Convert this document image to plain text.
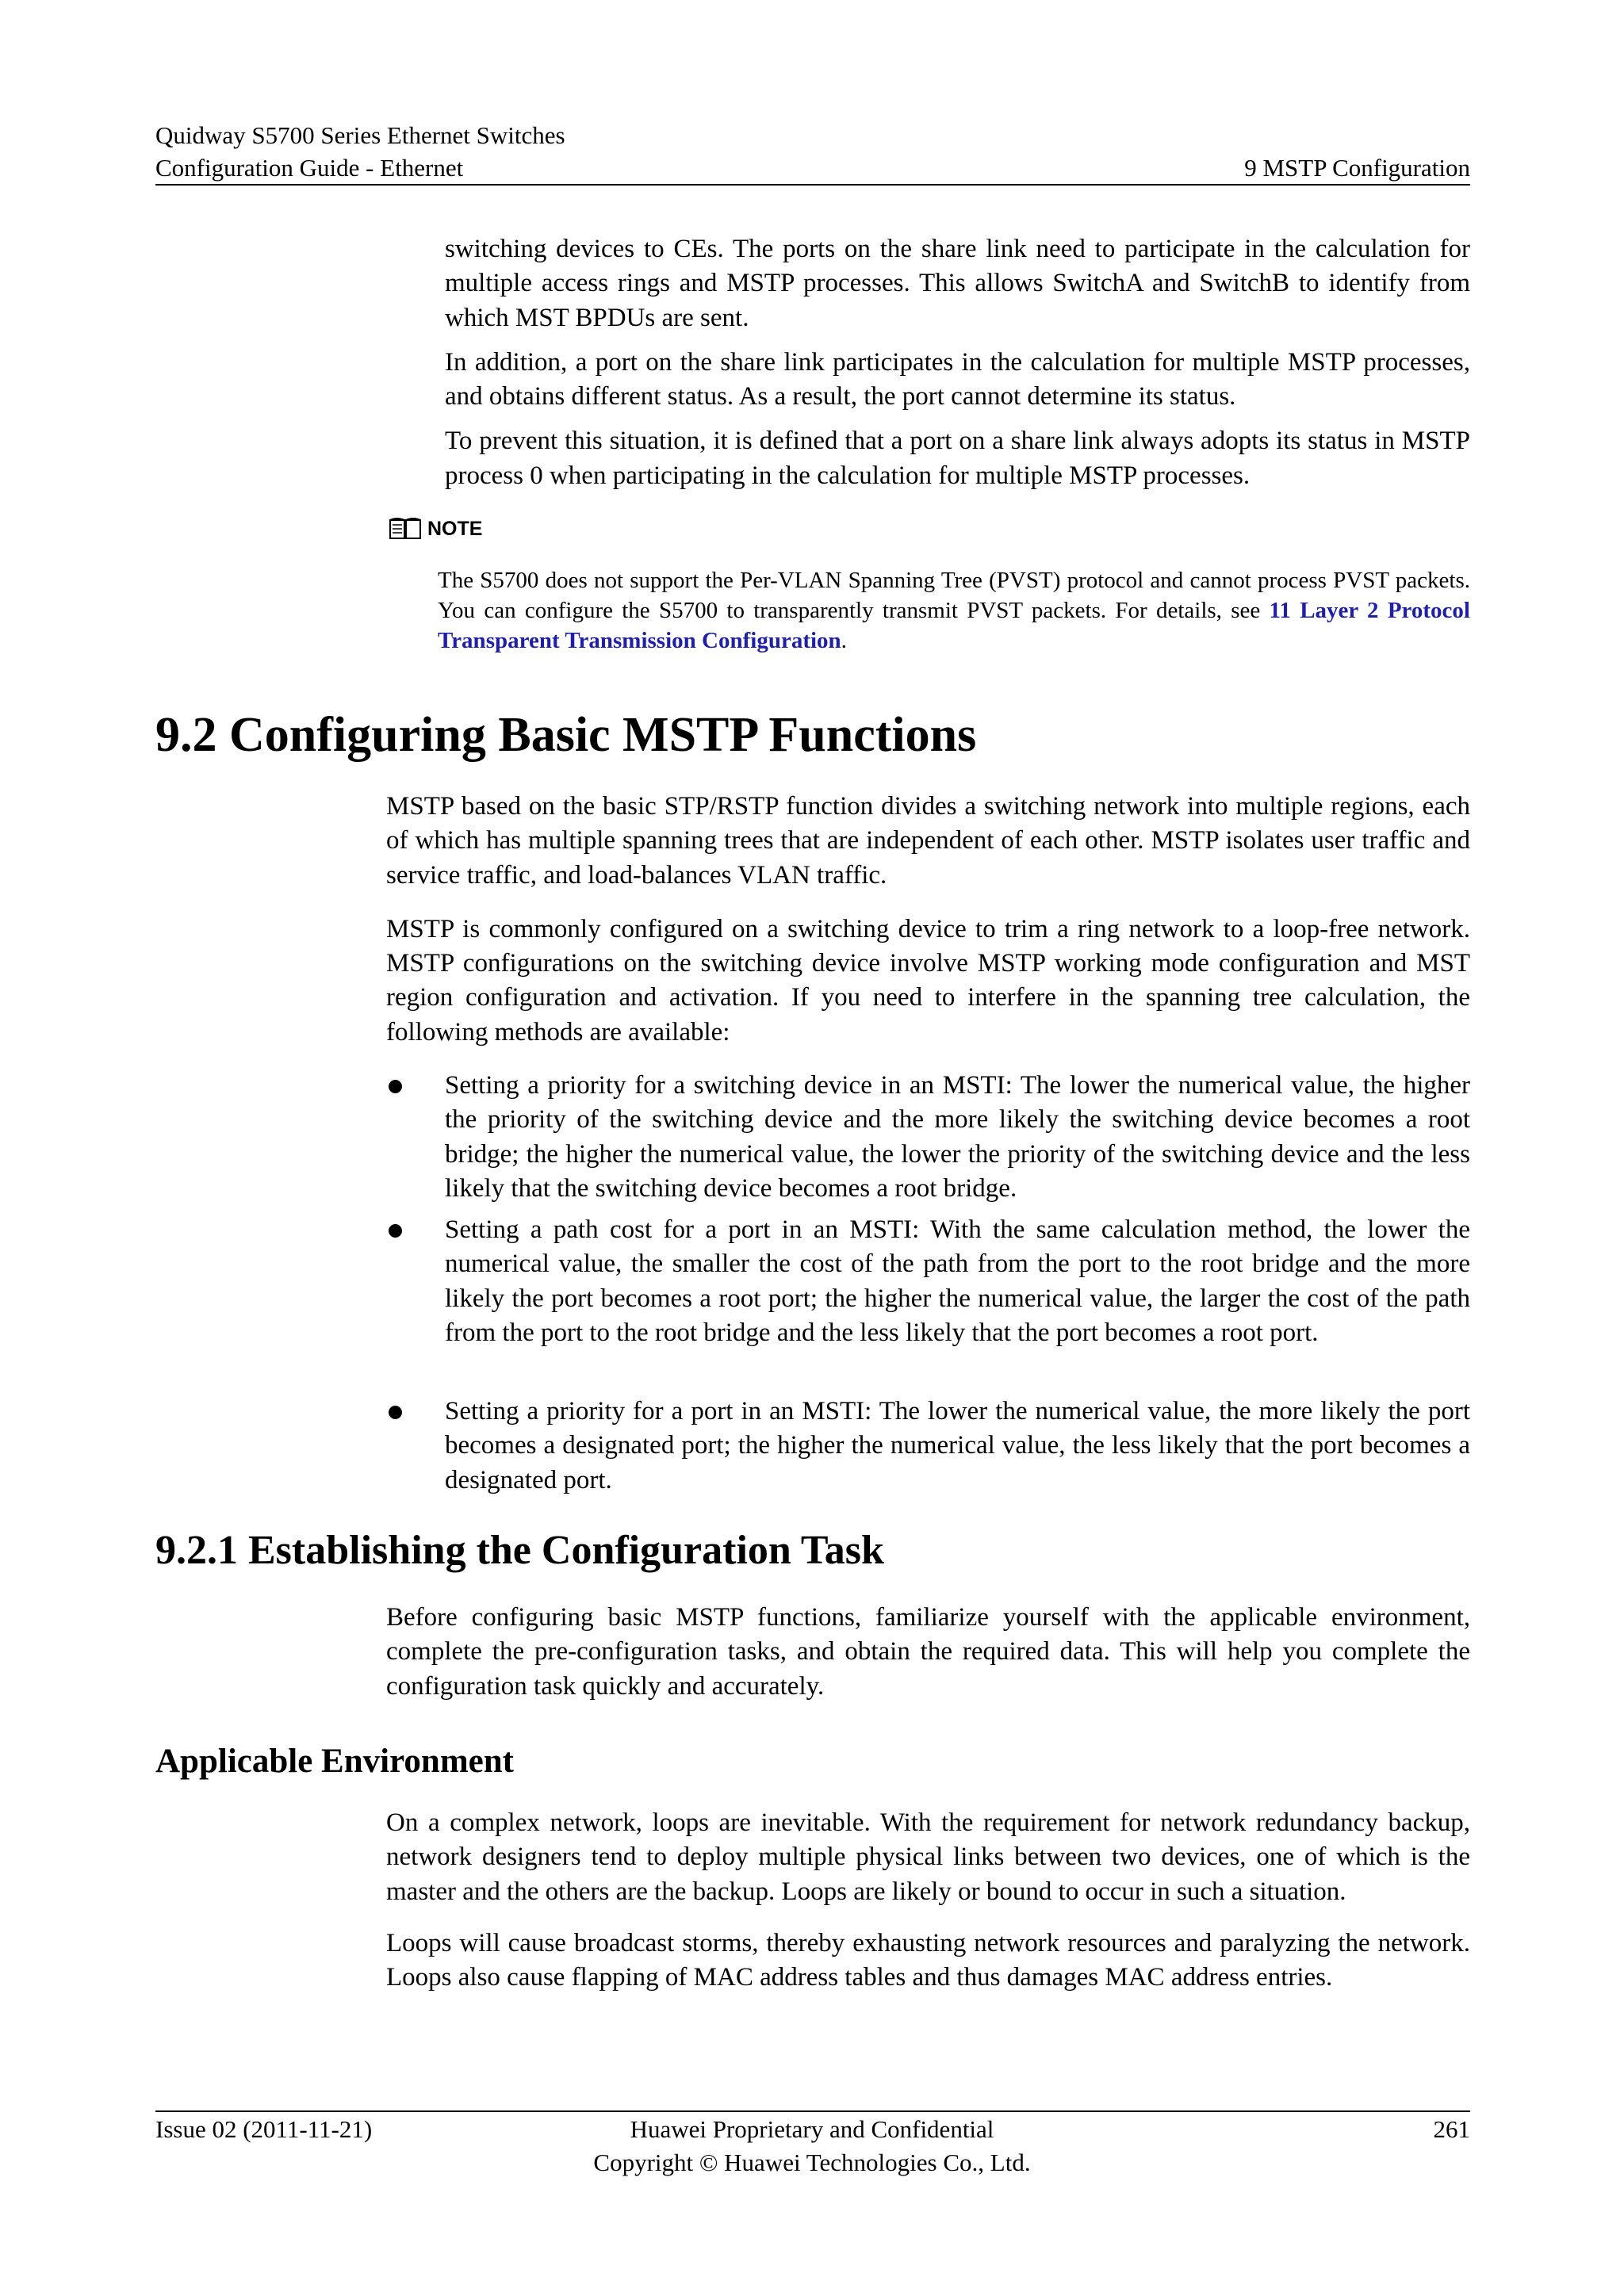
Quidway S5700 Series Ethernet Switches
Configuration Guide - Ethernet	9 MSTP Configuration

switching devices to CEs. The ports on the share link need to participate in the calculation for multiple access rings and MSTP processes. This allows SwitchA and SwitchB to identify from which MST BPDUs are sent.

In addition, a port on the share link participates in the calculation for multiple MSTP processes, and obtains different status. As a result, the port cannot determine its status.

To prevent this situation, it is defined that a port on a share link always adopts its status in MSTP process 0 when participating in the calculation for multiple MSTP processes.

NOTE

The S5700 does not support the Per-VLAN Spanning Tree (PVST) protocol and cannot process PVST packets. You can configure the S5700 to transparently transmit PVST packets. For details, see 11 Layer 2 Protocol Transparent Transmission Configuration.

9.2 Configuring Basic MSTP Functions

MSTP based on the basic STP/RSTP function divides a switching network into multiple regions, each of which has multiple spanning trees that are independent of each other. MSTP isolates user traffic and service traffic, and load-balances VLAN traffic.

MSTP is commonly configured on a switching device to trim a ring network to a loop-free network. MSTP configurations on the switching device involve MSTP working mode configuration and MST region configuration and activation. If you need to interfere in the spanning tree calculation, the following methods are available:

Setting a priority for a switching device in an MSTI: The lower the numerical value, the higher the priority of the switching device and the more likely the switching device becomes a root bridge; the higher the numerical value, the lower the priority of the switching device and the less likely that the switching device becomes a root bridge.

Setting a path cost for a port in an MSTI: With the same calculation method, the lower the numerical value, the smaller the cost of the path from the port to the root bridge and the more likely the port becomes a root port; the higher the numerical value, the larger the cost of the path from the port to the root bridge and the less likely that the port becomes a root port.

Setting a priority for a port in an MSTI: The lower the numerical value, the more likely the port becomes a designated port; the higher the numerical value, the less likely that the port becomes a designated port.

9.2.1 Establishing the Configuration Task

Before configuring basic MSTP functions, familiarize yourself with the applicable environment, complete the pre-configuration tasks, and obtain the required data. This will help you complete the configuration task quickly and accurately.

Applicable Environment

On a complex network, loops are inevitable. With the requirement for network redundancy backup, network designers tend to deploy multiple physical links between two devices, one of which is the master and the others are the backup. Loops are likely or bound to occur in such a situation.

Loops will cause broadcast storms, thereby exhausting network resources and paralyzing the network. Loops also cause flapping of MAC address tables and thus damages MAC address entries.

Issue 02 (2011-11-21)	Huawei Proprietary and Confidential
Copyright © Huawei Technologies Co., Ltd.
261
